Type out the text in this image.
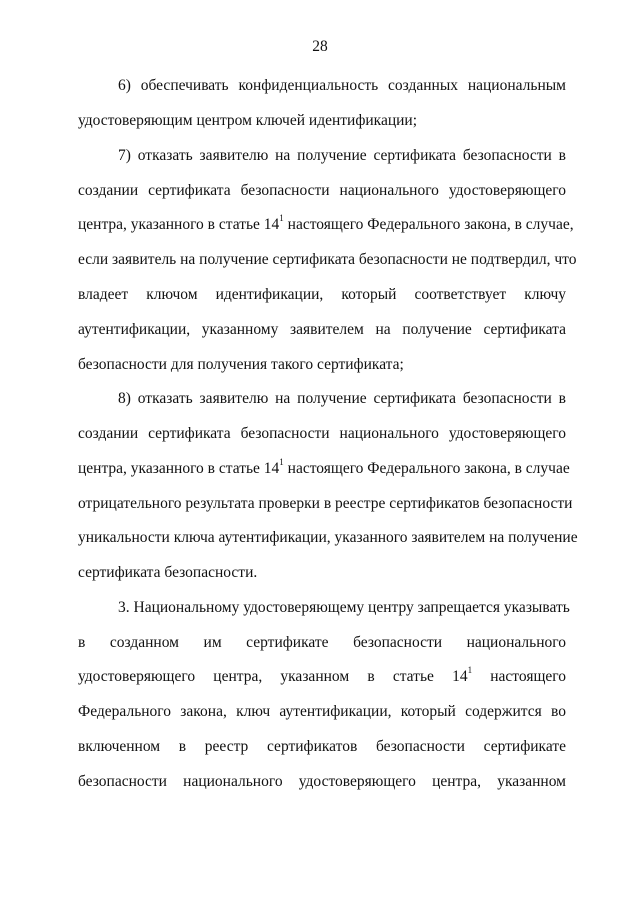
28
6) обеспечивать конфиденциальность созданных национальным
удостоверяющим центром ключей идентификации;
7) отказать заявителю на получение сертификата безопасности в
создании сертификата безопасности национального удостоверяющего
центра, указанного в статье $14^1$ настоящего Федерального закона, в случае,
если заявитель на получение сертификата безопасности не подтвердил, что
владеет ключом идентификации, который соответствует ключу
аутентификации, указанному заявителем на получение сертификата
безопасности для получения такого сертификата;
8) отказать заявителю на получение сертификата безопасности в
создании сертификата безопасности национального удостоверяющего
центра, указанного в статье $14^1$ настоящего Федерального закона, в случае
отрицательного результата проверки в реестре сертификатов безопасности
уникальности ключа аутентификации, указанного заявителем на получение
сертификата безопасности.
3. Национальному удостоверяющему центру запрещается указывать
в созданном им сертификате безопасности национального
удостоверяющего центра, указанном в статье $14^1$ настоящего
Федерального закона, ключ аутентификации, который содержится во
включенном в реестр сертификатов безопасности сертификате
безопасности национального удостоверяющего центра, указанном
